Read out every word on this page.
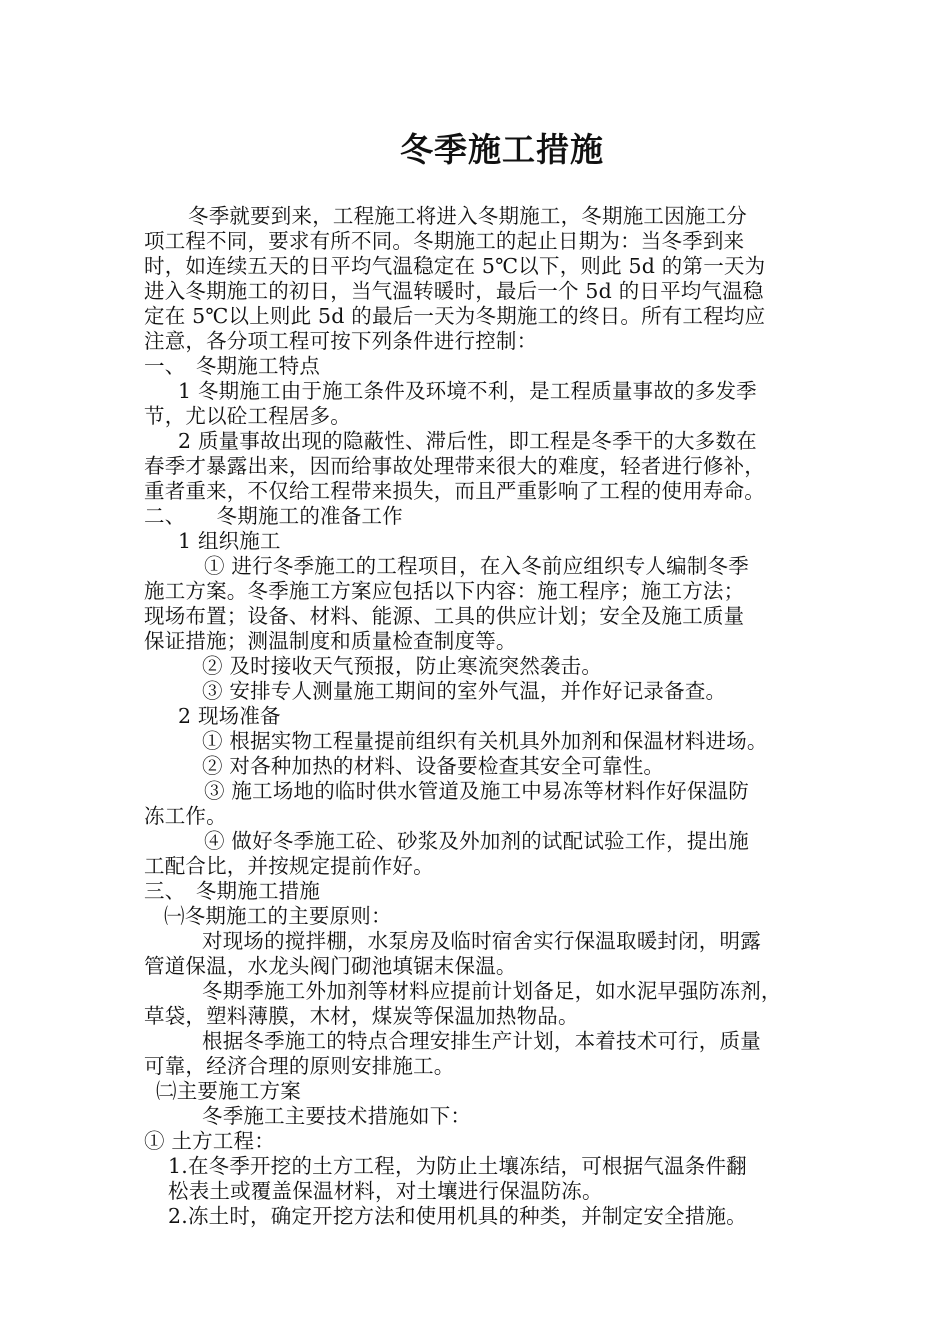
冬季施工措施
冬季就要到来，工程施工将进入冬期施工，冬期施工因施工分
项工程不同，要求有所不同。冬期施工的起止日期为：当冬季到来
时，如连续五天的日平均气温稳定在 5℃以下，则此 5d 的第一天为
进入冬期施工的初日，当气温转暖时，最后一个 5d 的日平均气温稳
定在 5℃以上则此 5d 的最后一天为冬期施工的终日。所有工程均应
注意，各分项工程可按下列条件进行控制：
一、　冬期施工特点
1 冬期施工由于施工条件及环境不利，是工程质量事故的多发季
节，尤以砼工程居多。
2 质量事故出现的隐蔽性、滞后性，即工程是冬季干的大多数在
春季才暴露出来，因而给事故处理带来很大的难度，轻者进行修补，
重者重来，不仅给工程带来损失，而且严重影响了工程的使用寿命。
二、　　冬期施工的准备工作
1 组织施工
① 进行冬季施工的工程项目，在入冬前应组织专人编制冬季
施工方案。冬季施工方案应包括以下内容：施工程序；施工方法；
现场布置；设备、材料、能源、工具的供应计划；安全及施工质量
保证措施；测温制度和质量检查制度等。
② 及时接收天气预报，防止寒流突然袭击。
③ 安排专人测量施工期间的室外气温，并作好记录备查。
2 现场准备
① 根据实物工程量提前组织有关机具外加剂和保温材料进场。
② 对各种加热的材料、设备要检查其安全可靠性。
③ 施工场地的临时供水管道及施工中易冻等材料作好保温防
冻工作。
④ 做好冬季施工砼、砂浆及外加剂的试配试验工作，提出施
工配合比，并按规定提前作好。
三、　冬期施工措施
㈠冬期施工的主要原则：
对现场的搅拌棚，水泵房及临时宿舍实行保温取暖封闭，明露
管道保温，水龙头阀门砌池填锯末保温。
冬期季施工外加剂等材料应提前计划备足，如水泥早强防冻剂，
草袋，塑料薄膜，木材，煤炭等保温加热物品。
根据冬季施工的特点合理安排生产计划，本着技术可行，质量
可靠，经济合理的原则安排施工。
㈡主要施工方案
冬季施工主要技术措施如下：
① 土方工程：
1.在冬季开挖的土方工程，为防止土壤冻结，可根据气温条件翻
松表土或覆盖保温材料，对土壤进行保温防冻。
2.冻土时，确定开挖方法和使用机具的种类，并制定安全措施。
